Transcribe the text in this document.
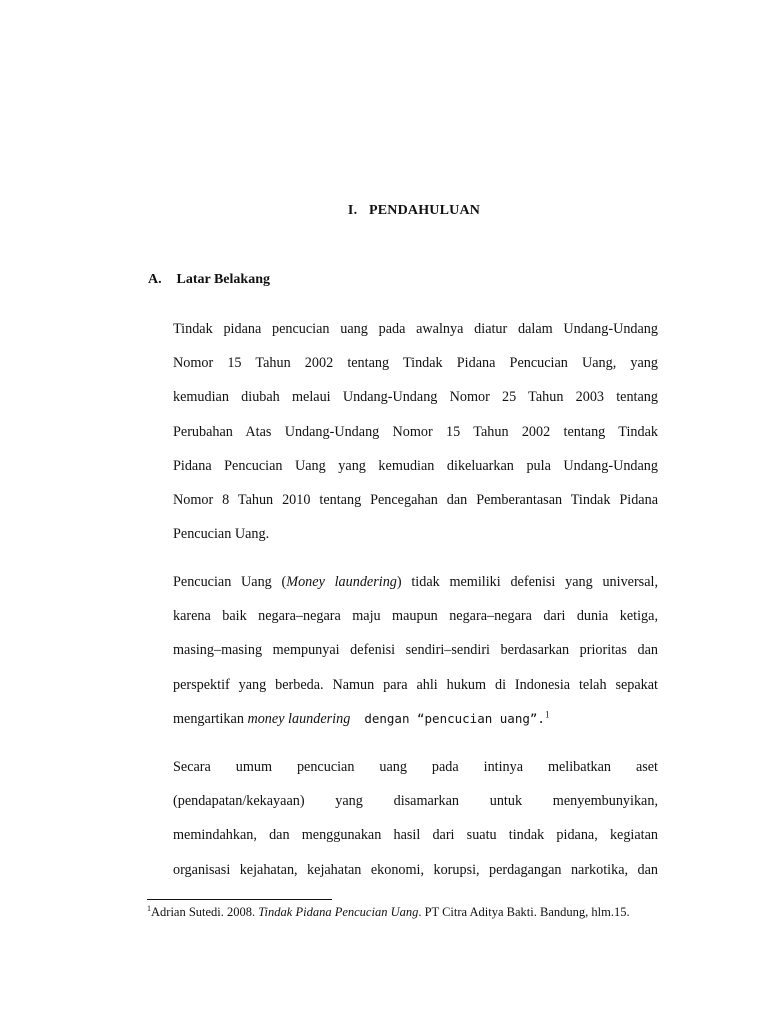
I. PENDAHULUAN
A. Latar Belakang
Tindak pidana pencucian uang pada awalnya diatur dalam Undang-Undang
Nomor 15 Tahun 2002 tentang Tindak Pidana Pencucian Uang, yang
kemudian diubah melaui Undang-Undang Nomor 25 Tahun 2003 tentang
Perubahan Atas Undang-Undang Nomor 15 Tahun 2002 tentang Tindak
Pidana Pencucian Uang yang kemudian dikeluarkan pula Undang-Undang
Nomor 8 Tahun 2010 tentang Pencegahan dan Pemberantasan Tindak Pidana
Pencucian Uang.
Pencucian Uang (Money laundering) tidak memiliki defenisi yang universal,
karena baik negara–negara maju maupun negara–negara dari dunia ketiga,
masing–masing mempunyai defenisi sendiri–sendiri berdasarkan prioritas dan
perspektif yang berbeda. Namun para ahli hukum di Indonesia telah sepakat
mengartikan money laundering dengan “pencucian uang”.$^1$
Secara umum pencucian uang pada intinya melibatkan aset
(pendapatan/kekayaan) yang disamarkan untuk menyembunyikan,
memindahkan, dan menggunakan hasil dari suatu tindak pidana, kegiatan
organisasi kejahatan, kejahatan ekonomi, korupsi, perdagangan narkotika, dan
$^1$Adrian Sutedi. 2008. Tindak Pidana Pencucian Uang. PT Citra Aditya Bakti. Bandung, hlm.15.
